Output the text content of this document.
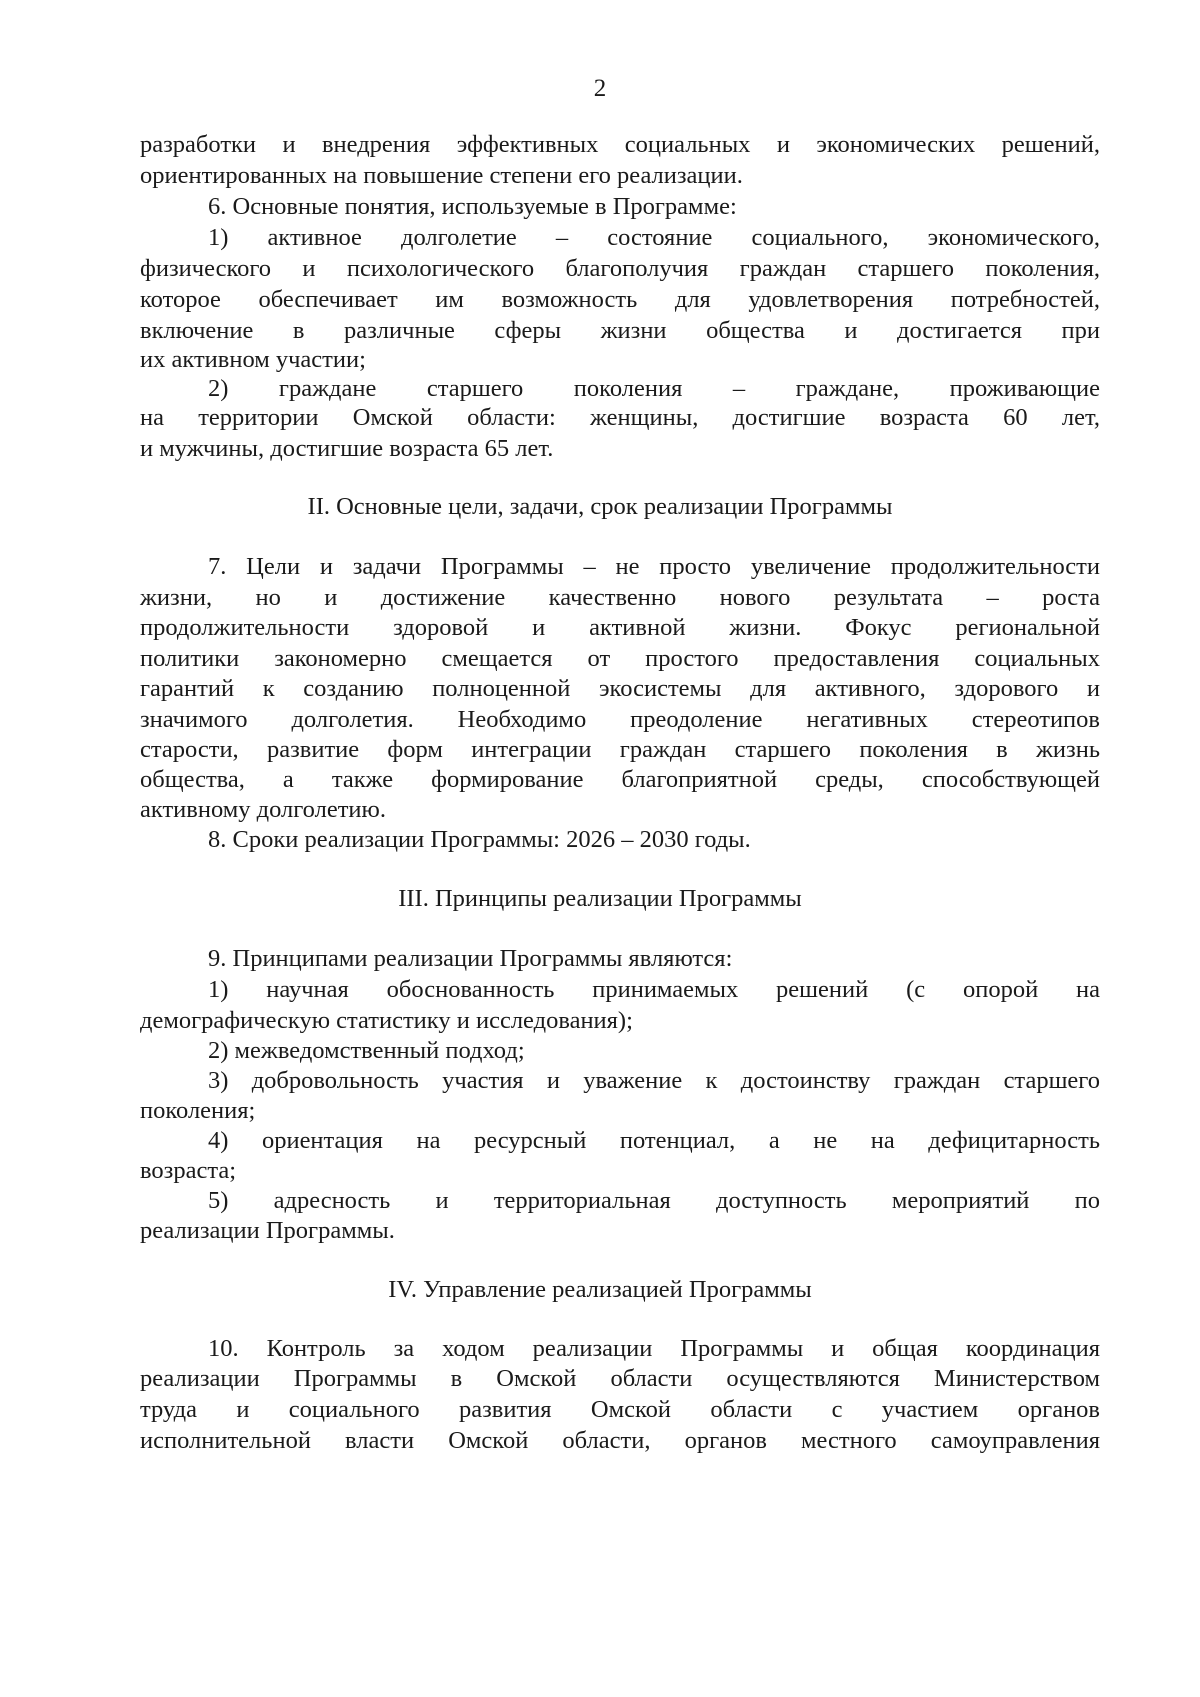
2
разработки и внедрения эффективных социальных и экономических решений,
ориентированных на повышение степени его реализации.
6. Основные понятия, используемые в Программе:
1) активное долголетие – состояние социального, экономического,
физического и психологического благополучия граждан старшего поколения,
которое обеспечивает им возможность для удовлетворения потребностей,
включение в различные сферы жизни общества и достигается при
их активном участии;
2) граждане старшего поколения – граждане, проживающие
на территории Омской области: женщины, достигшие возраста 60 лет,
и мужчины, достигшие возраста 65 лет.
II. Основные цели, задачи, срок реализации Программы
7. Цели и задачи Программы – не просто увеличение продолжительности
жизни, но и достижение качественно нового результата – роста
продолжительности здоровой и активной жизни. Фокус региональной
политики закономерно смещается от простого предоставления социальных
гарантий к созданию полноценной экосистемы для активного, здорового и
значимого долголетия. Необходимо преодоление негативных стереотипов
старости, развитие форм интеграции граждан старшего поколения в жизнь
общества, а также формирование благоприятной среды, способствующей
активному долголетию.
8. Сроки реализации Программы: 2026 – 2030 годы.
III. Принципы реализации Программы
9. Принципами реализации Программы являются:
1) научная обоснованность принимаемых решений (с опорой на
демографическую статистику и исследования);
2) межведомственный подход;
3) добровольность участия и уважение к достоинству граждан старшего
поколения;
4) ориентация на ресурсный потенциал, а не на дефицитарность
возраста;
5) адресность и территориальная доступность мероприятий по
реализации Программы.
IV. Управление реализацией Программы
10. Контроль за ходом реализации Программы и общая координация
реализации Программы в Омской области осуществляются Министерством
труда и социального развития Омской области с участием органов
исполнительной власти Омской области, органов местного самоуправления
